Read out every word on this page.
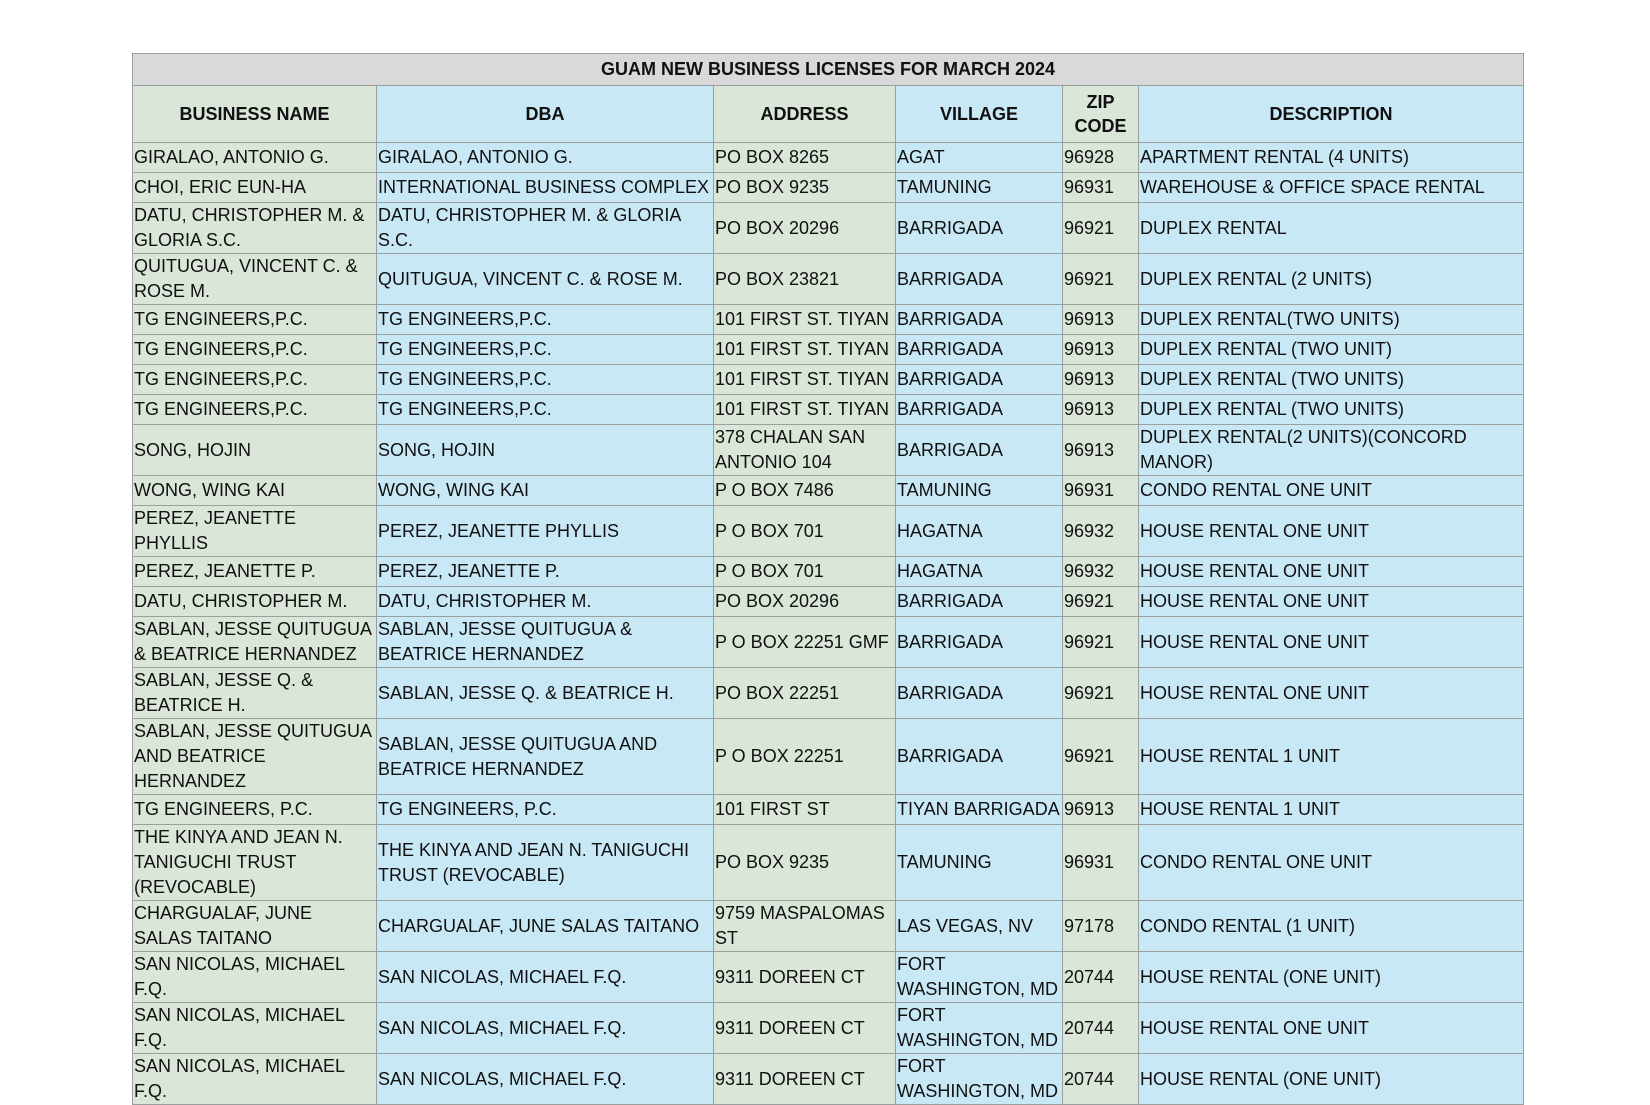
GUAM NEW BUSINESS LICENSES FOR MARCH 2024					
BUSINESS NAME	DBA	ADDRESS	VILLAGE	ZIP CODE	DESCRIPTION
GIRALAO, ANTONIO G.	GIRALAO, ANTONIO G.	PO BOX 8265	AGAT	96928	APARTMENT RENTAL (4 UNITS)
CHOI, ERIC EUN-HA	INTERNATIONAL BUSINESS COMPLEX	PO BOX 9235	TAMUNING	96931	WAREHOUSE & OFFICE SPACE RENTAL
DATU, CHRISTOPHER M. & GLORIA S.C.	DATU, CHRISTOPHER M. & GLORIA S.C.	PO BOX 20296	BARRIGADA	96921	DUPLEX RENTAL
QUITUGUA, VINCENT C. & ROSE M.	QUITUGUA, VINCENT C. & ROSE M.	PO BOX 23821	BARRIGADA	96921	DUPLEX RENTAL (2 UNITS)
TG ENGINEERS,P.C.	TG ENGINEERS,P.C.	101 FIRST ST. TIYAN	BARRIGADA	96913	DUPLEX RENTAL(TWO UNITS)
TG ENGINEERS,P.C.	TG ENGINEERS,P.C.	101 FIRST ST. TIYAN	BARRIGADA	96913	DUPLEX RENTAL (TWO UNIT)
TG ENGINEERS,P.C.	TG ENGINEERS,P.C.	101 FIRST ST. TIYAN	BARRIGADA	96913	DUPLEX RENTAL (TWO UNITS)
TG ENGINEERS,P.C.	TG ENGINEERS,P.C.	101 FIRST ST. TIYAN	BARRIGADA	96913	DUPLEX RENTAL (TWO UNITS)
SONG, HOJIN	SONG, HOJIN	378 CHALAN SAN ANTONIO 104	BARRIGADA	96913	DUPLEX RENTAL(2 UNITS)(CONCORD MANOR)
WONG, WING KAI	WONG, WING KAI	P O BOX 7486	TAMUNING	96931	CONDO RENTAL ONE UNIT
PEREZ, JEANETTE PHYLLIS	PEREZ, JEANETTE PHYLLIS	P O BOX 701	HAGATNA	96932	HOUSE RENTAL ONE UNIT
PEREZ, JEANETTE P.	PEREZ, JEANETTE P.	P O BOX 701	HAGATNA	96932	HOUSE RENTAL ONE UNIT
DATU, CHRISTOPHER M.	DATU, CHRISTOPHER M.	PO BOX 20296	BARRIGADA	96921	HOUSE RENTAL ONE UNIT
SABLAN, JESSE QUITUGUA & BEATRICE HERNANDEZ	SABLAN, JESSE QUITUGUA & BEATRICE HERNANDEZ	P O BOX 22251 GMF	BARRIGADA	96921	HOUSE RENTAL ONE UNIT
SABLAN, JESSE Q. & BEATRICE H.	SABLAN, JESSE Q. & BEATRICE H.	PO BOX 22251	BARRIGADA	96921	HOUSE RENTAL ONE UNIT
SABLAN, JESSE QUITUGUA AND BEATRICE HERNANDEZ	SABLAN, JESSE QUITUGUA AND BEATRICE HERNANDEZ	P O BOX 22251	BARRIGADA	96921	HOUSE RENTAL 1 UNIT
TG ENGINEERS, P.C.	TG ENGINEERS, P.C.	101 FIRST ST	TIYAN BARRIGADA	96913	HOUSE RENTAL 1 UNIT
THE KINYA AND JEAN N. TANIGUCHI TRUST (REVOCABLE)	THE KINYA AND JEAN N. TANIGUCHI TRUST (REVOCABLE)	PO BOX 9235	TAMUNING	96931	CONDO RENTAL ONE UNIT
CHARGUALAF, JUNE SALAS TAITANO	CHARGUALAF, JUNE SALAS TAITANO	9759 MASPALOMAS ST	LAS VEGAS, NV	97178	CONDO RENTAL (1 UNIT)
SAN NICOLAS, MICHAEL F.Q.	SAN NICOLAS, MICHAEL F.Q.	9311 DOREEN CT	FORT WASHINGTON, MD	20744	HOUSE RENTAL (ONE UNIT)
SAN NICOLAS, MICHAEL F.Q.	SAN NICOLAS, MICHAEL F.Q.	9311 DOREEN CT	FORT WASHINGTON, MD	20744	HOUSE RENTAL ONE UNIT
SAN NICOLAS, MICHAEL F.Q.	SAN NICOLAS, MICHAEL F.Q.	9311 DOREEN CT	FORT WASHINGTON, MD	20744	HOUSE RENTAL (ONE UNIT)
